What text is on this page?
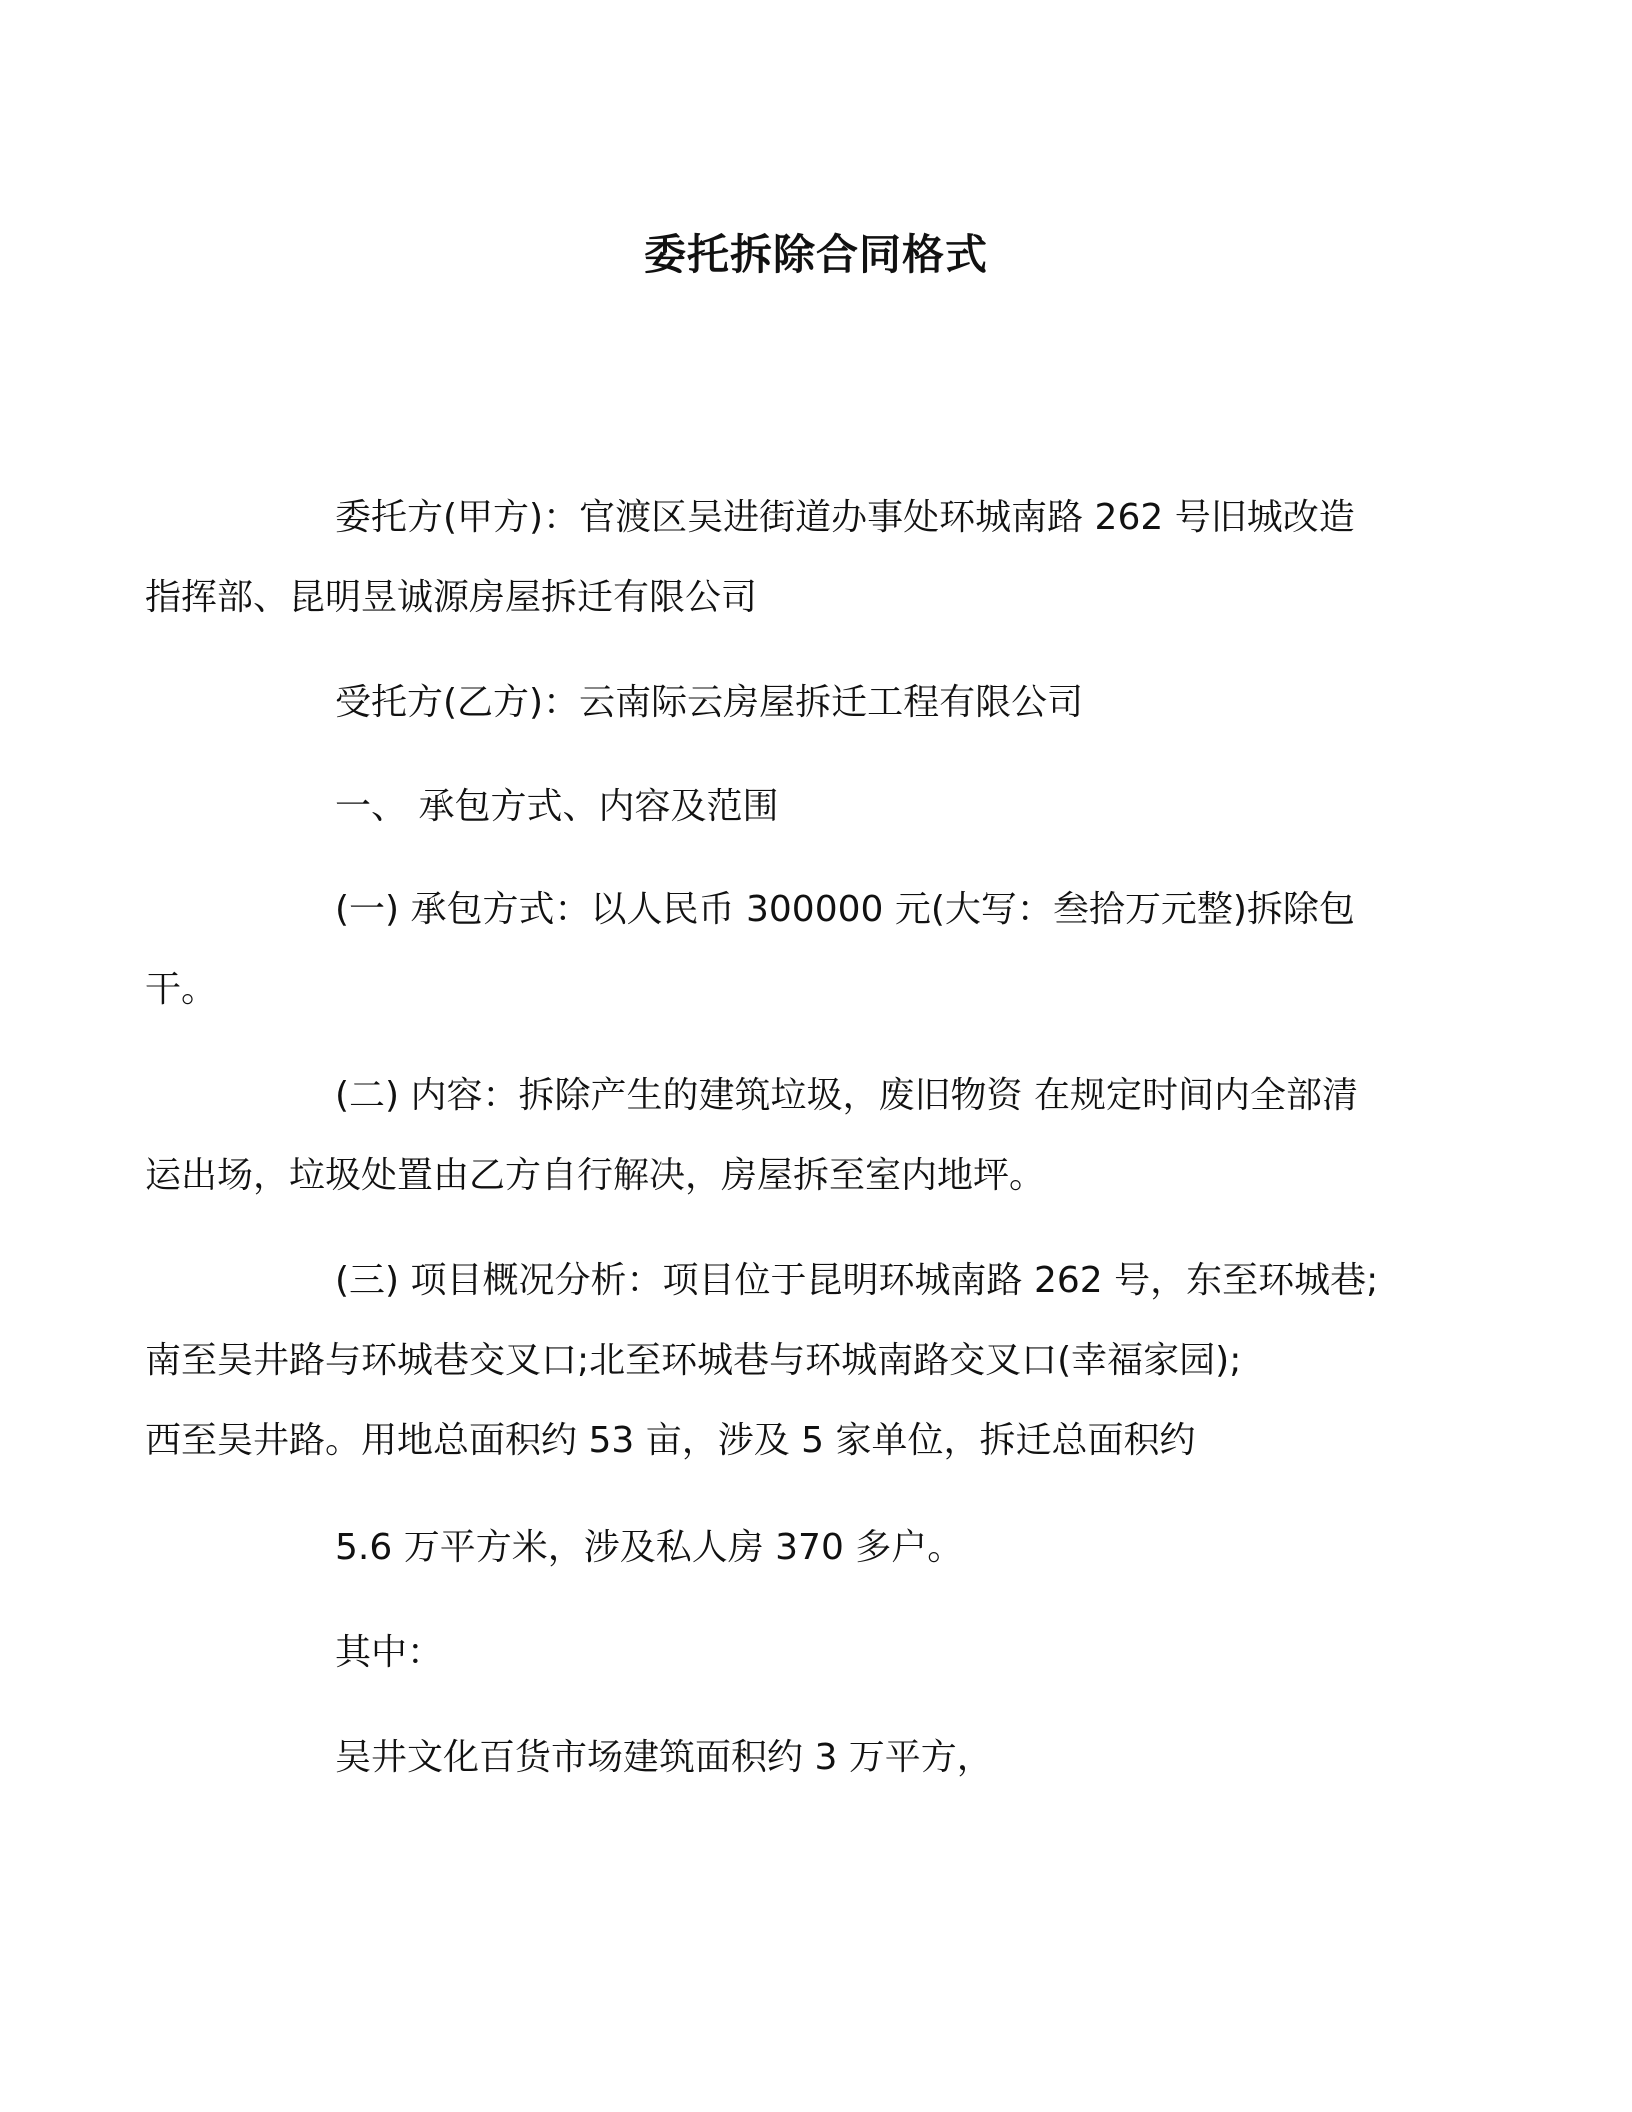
委托拆除合同格式
委托方(甲方)：官渡区吴进街道办事处环城南路 262 号旧城改造
指挥部、昆明昱诚源房屋拆迁有限公司
受托方(乙方)：云南际云房屋拆迁工程有限公司
一、 承包方式、内容及范围
(一) 承包方式：以人民币 300000 元(大写：叁拾万元整)拆除包
干。
(二) 内容：拆除产生的建筑垃圾，废旧物资 在规定时间内全部清
运出场，垃圾处置由乙方自行解决，房屋拆至室内地坪。
(三) 项目概况分析：项目位于昆明环城南路 262 号，东至环城巷;
南至吴井路与环城巷交叉口;北至环城巷与环城南路交叉口(幸福家园);
西至吴井路。用地总面积约 53 亩，涉及 5 家单位，拆迁总面积约
5.6 万平方米，涉及私人房 370 多户。
其中：
吴井文化百货市场建筑面积约 3 万平方，
